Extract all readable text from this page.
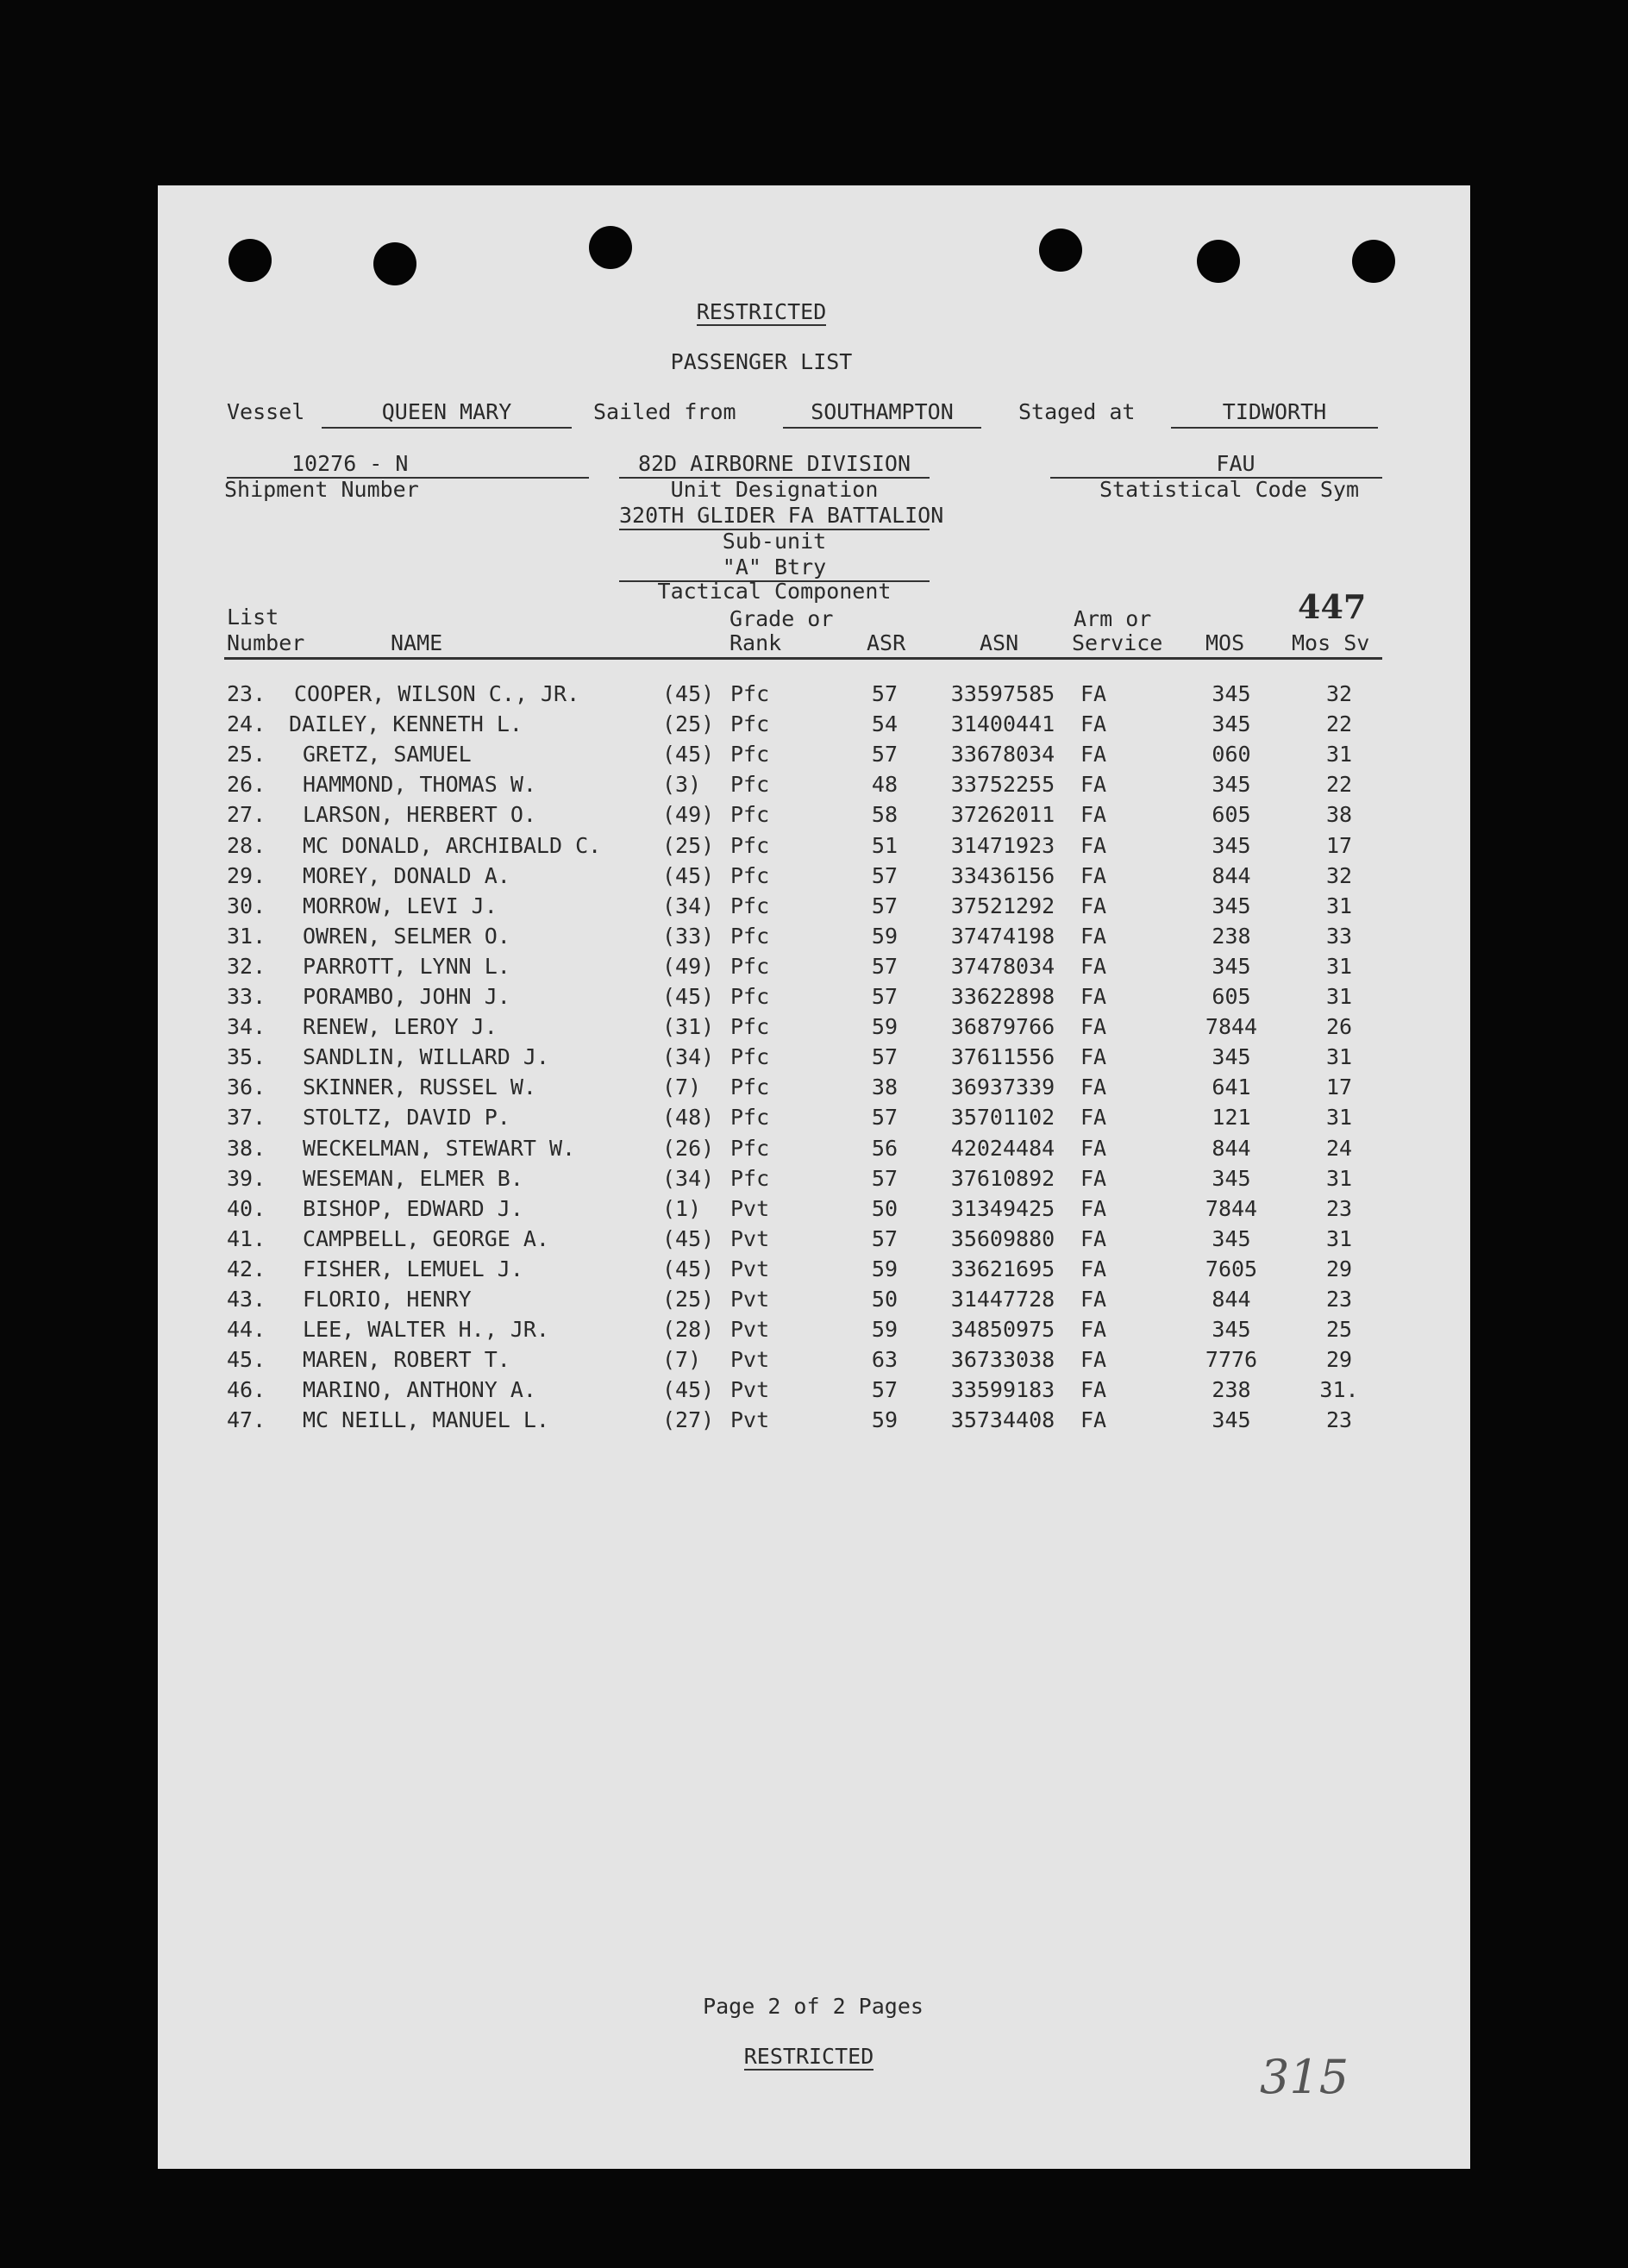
RESTRICTED
PASSENGER LIST
Vessel	QUEEN MARY	Sailed from	SOUTHAMPTON	Staged at	TIDWORTH
10276 - N
Shipment Number
82D AIRBORNE DIVISION
Unit Designation
320TH GLIDER FA BATTALION
Sub-unit
"A" Btry
Tactical Component
FAU
Statistical Code Sym
List
Number	NAME
Grade or
Rank	ASR	ASN
Arm or
Service MOS
447
Mos Sv
23.	COOPER, WILSON C., JR.	(45) Pfc	57	33597585	FA	345	32
24.	DAILEY, KENNETH L.	(25) Pfc	54	31400441	FA	345	22
25.	GRETZ, SAMUEL	(45) Pfc	57	33678034	FA	060	31
26.	HAMMOND, THOMAS W.	(3)	Pfc	48	33752255	FA	345	22
27.	LARSON, HERBERT O.	(49) Pfc	58	37262011	FA	605	38
28.	MC DONALD, ARCHIBALD C.	(25) Pfc	51	31471923	FA	345	17
29.	MOREY, DONALD A.	(45) Pfc	57	33436156	FA	844	32
30.	MORROW, LEVI J.	(34) Pfc	57	37521292	FA	345	31
31.	OWREN, SELMER O.	(33) Pfc	59	37474198	FA	238	33
32.	PARROTT, LYNN L.	(49) Pfc	57	37478034	FA	345	31
33.	PORAMBO, JOHN J.	(45) Pfc	57	33622898	FA	605	31
34.	RENEW, LEROY J.	(31) Pfc	59	36879766	FA	7844	26
35.	SANDLIN, WILLARD J.	(34) Pfc	57	37611556	FA	345	31
36.	SKINNER, RUSSEL W.	(7)	Pfc	38	36937339	FA	641	17
37.	STOLTZ, DAVID P.	(48) Pfc	57	35701102	FA	121	31
38.	WECKELMAN, STEWART W.	(26) Pfc	56	42024484	FA	844	24
39.	WESEMAN, ELMER B.	(34) Pfc	57	37610892	FA	345	31
40.	BISHOP, EDWARD J.	(1)	Pvt	50	31349425	FA	7844	23
41.	CAMPBELL, GEORGE A.	(45) Pvt	57	35609880	FA	345	31
42.	FISHER, LEMUEL J.	(45) Pvt	59	33621695	FA	7605	29
43.	FLORIO, HENRY	(25) Pvt	50	31447728	FA	844	23
44.	LEE, WALTER H., JR.	(28) Pvt	59	34850975	FA	345	25
45.	MAREN, ROBERT T.	(7)	Pvt	63	36733038	FA	7776	29
46.	MARINO, ANTHONY A.	(45) Pvt	57	33599183	FA	238	31.
47.	MC NEILL, MANUEL L.	(27) Pvt	59	35734408	FA	345	23
Page 2 of 2 Pages
RESTRICTED	315
